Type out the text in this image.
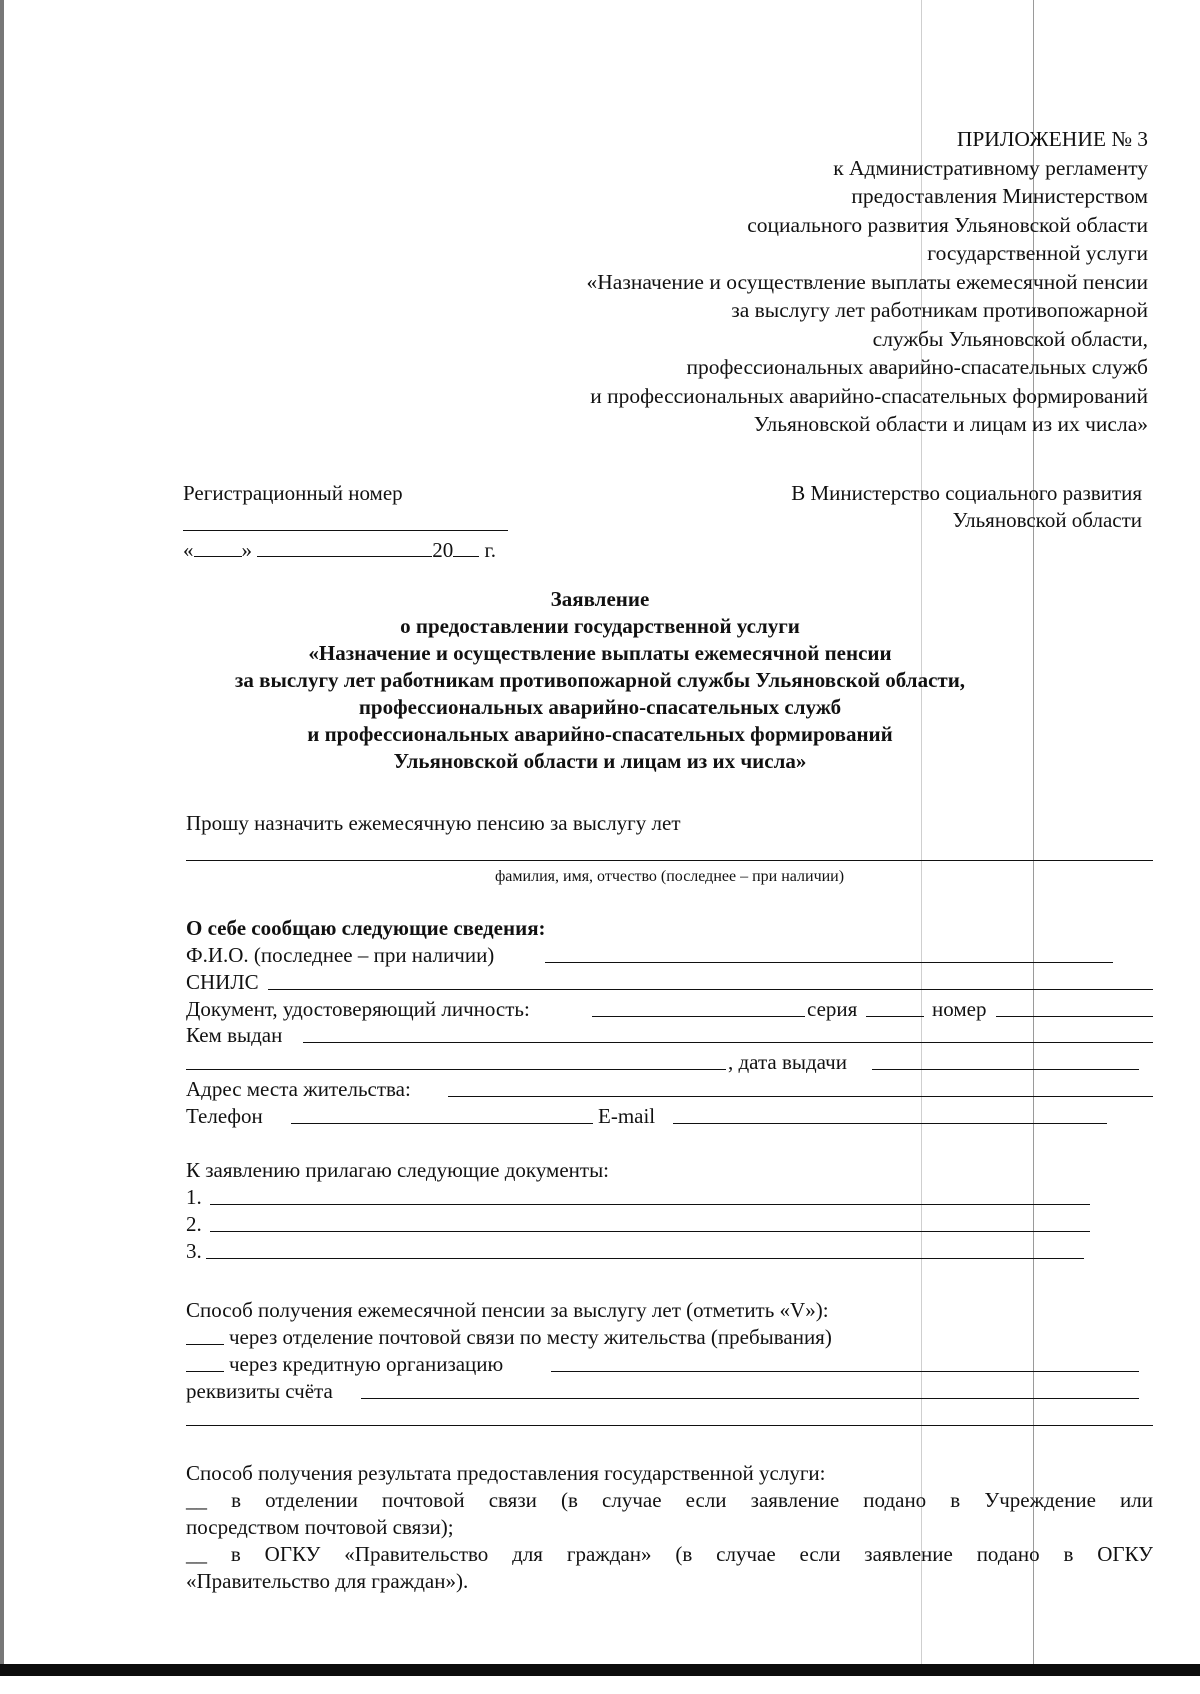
ПРИЛОЖЕНИЕ № 3
к Административному регламенту
предоставления Министерством
социального развития Ульяновской области
государственной услуги
«Назначение и осуществление выплаты ежемесячной пенсии
за выслугу лет работникам противопожарной
службы Ульяновской области,
профессиональных аварийно-спасательных служб
и профессиональных аварийно-спасательных формирований
Ульяновской области и лицам из их числа»
Регистрационный номер
« »	20 г.
В Министерство социального развития
Ульяновской области
Заявление
о предоставлении государственной услуги
«Назначение и осуществление выплаты ежемесячной пенсии
за выслугу лет работникам противопожарной службы Ульяновской области,
профессиональных аварийно-спасательных служб
и профессиональных аварийно-спасательных формирований
Ульяновской области и лицам из их числа»
Прошу назначить ежемесячную пенсию за выслугу лет
фамилия, имя, отчество (последнее – при наличии)
О себе сообщаю следующие сведения:
Ф.И.О. (последнее – при наличии)
СНИЛС
Документ, удостоверяющий личность:	серия	номер
Кем выдан
, дата выдачи
Адрес места жительства:
Телефон	E-mail
К заявлению прилагаю следующие документы:
1.
2.
3.
Способ получения ежемесячной пенсии за выслугу лет (отметить «V»):
через отделение почтовой связи по месту жительства (пребывания)
через кредитную организацию
реквизиты счёта
Способ получения результата предоставления государственной услуги:
__ в отделении почтовой связи (в случае если заявление подано в Учреждение или
посредством почтовой связи);
__ в ОГКУ «Правительство для граждан» (в случае если заявление подано в ОГКУ
«Правительство для граждан»).
